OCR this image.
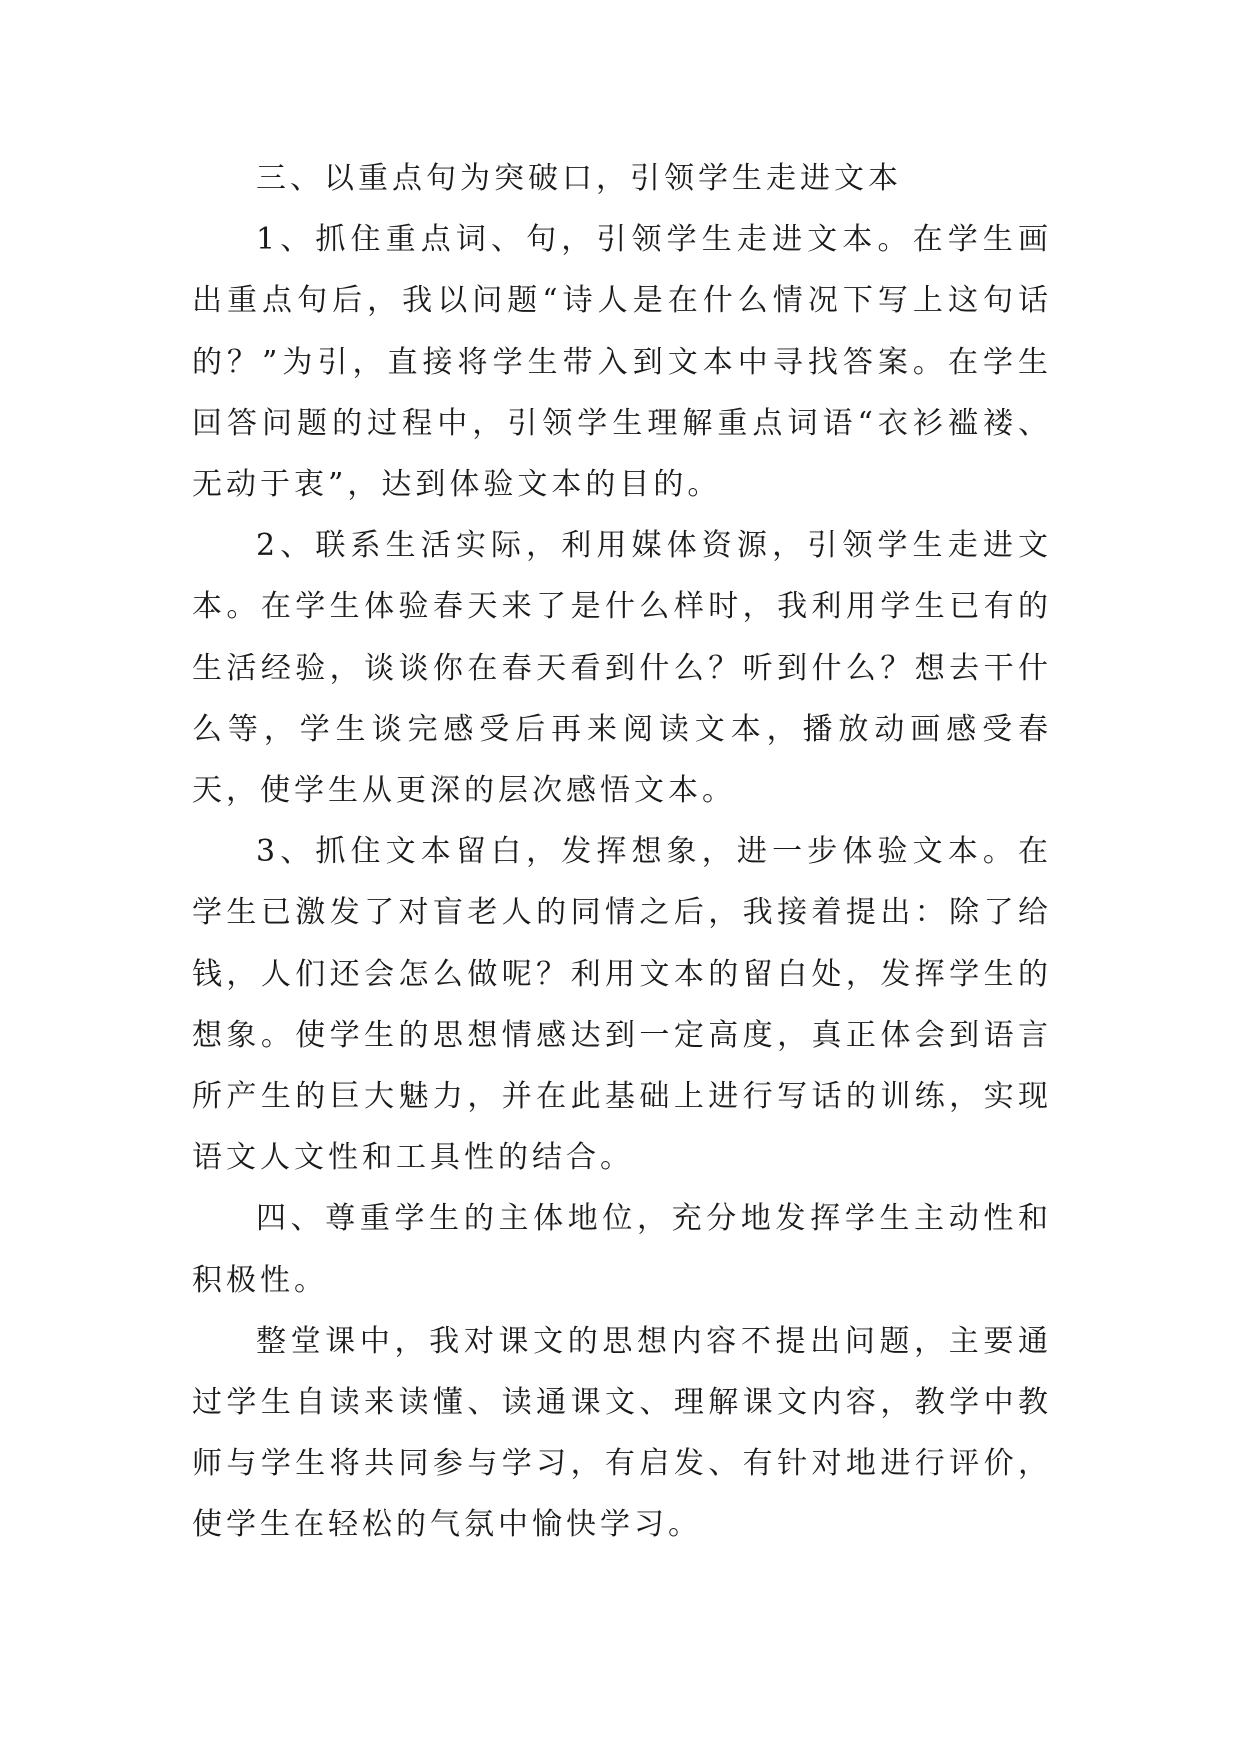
三、以重点句为突破口，引领学生走进文本

1、抓住重点词、句，引领学生走进文本。在学生画出重点句后，我以问题“诗人是在什么情况下写上这句话的？”为引，直接将学生带入到文本中寻找答案。在学生回答问题的过程中，引领学生理解重点词语“衣衫褴褛、无动于衷”，达到体验文本的目的。

2、联系生活实际，利用媒体资源，引领学生走进文本。在学生体验春天来了是什么样时，我利用学生已有的生活经验，谈谈你在春天看到什么？听到什么？想去干什么等，学生谈完感受后再来阅读文本，播放动画感受春天，使学生从更深的层次感悟文本。

3、抓住文本留白，发挥想象，进一步体验文本。在学生已激发了对盲老人的同情之后，我接着提出：除了给钱，人们还会怎么做呢？利用文本的留白处，发挥学生的想象。使学生的思想情感达到一定高度，真正体会到语言所产生的巨大魅力，并在此基础上进行写话的训练，实现语文人文性和工具性的结合。

四、尊重学生的主体地位，充分地发挥学生主动性和积极性。

整堂课中，我对课文的思想内容不提出问题，主要通过学生自读来读懂、读通课文、理解课文内容，教学中教师与学生将共同参与学习，有启发、有针对地进行评价，使学生在轻松的气氛中愉快学习。
